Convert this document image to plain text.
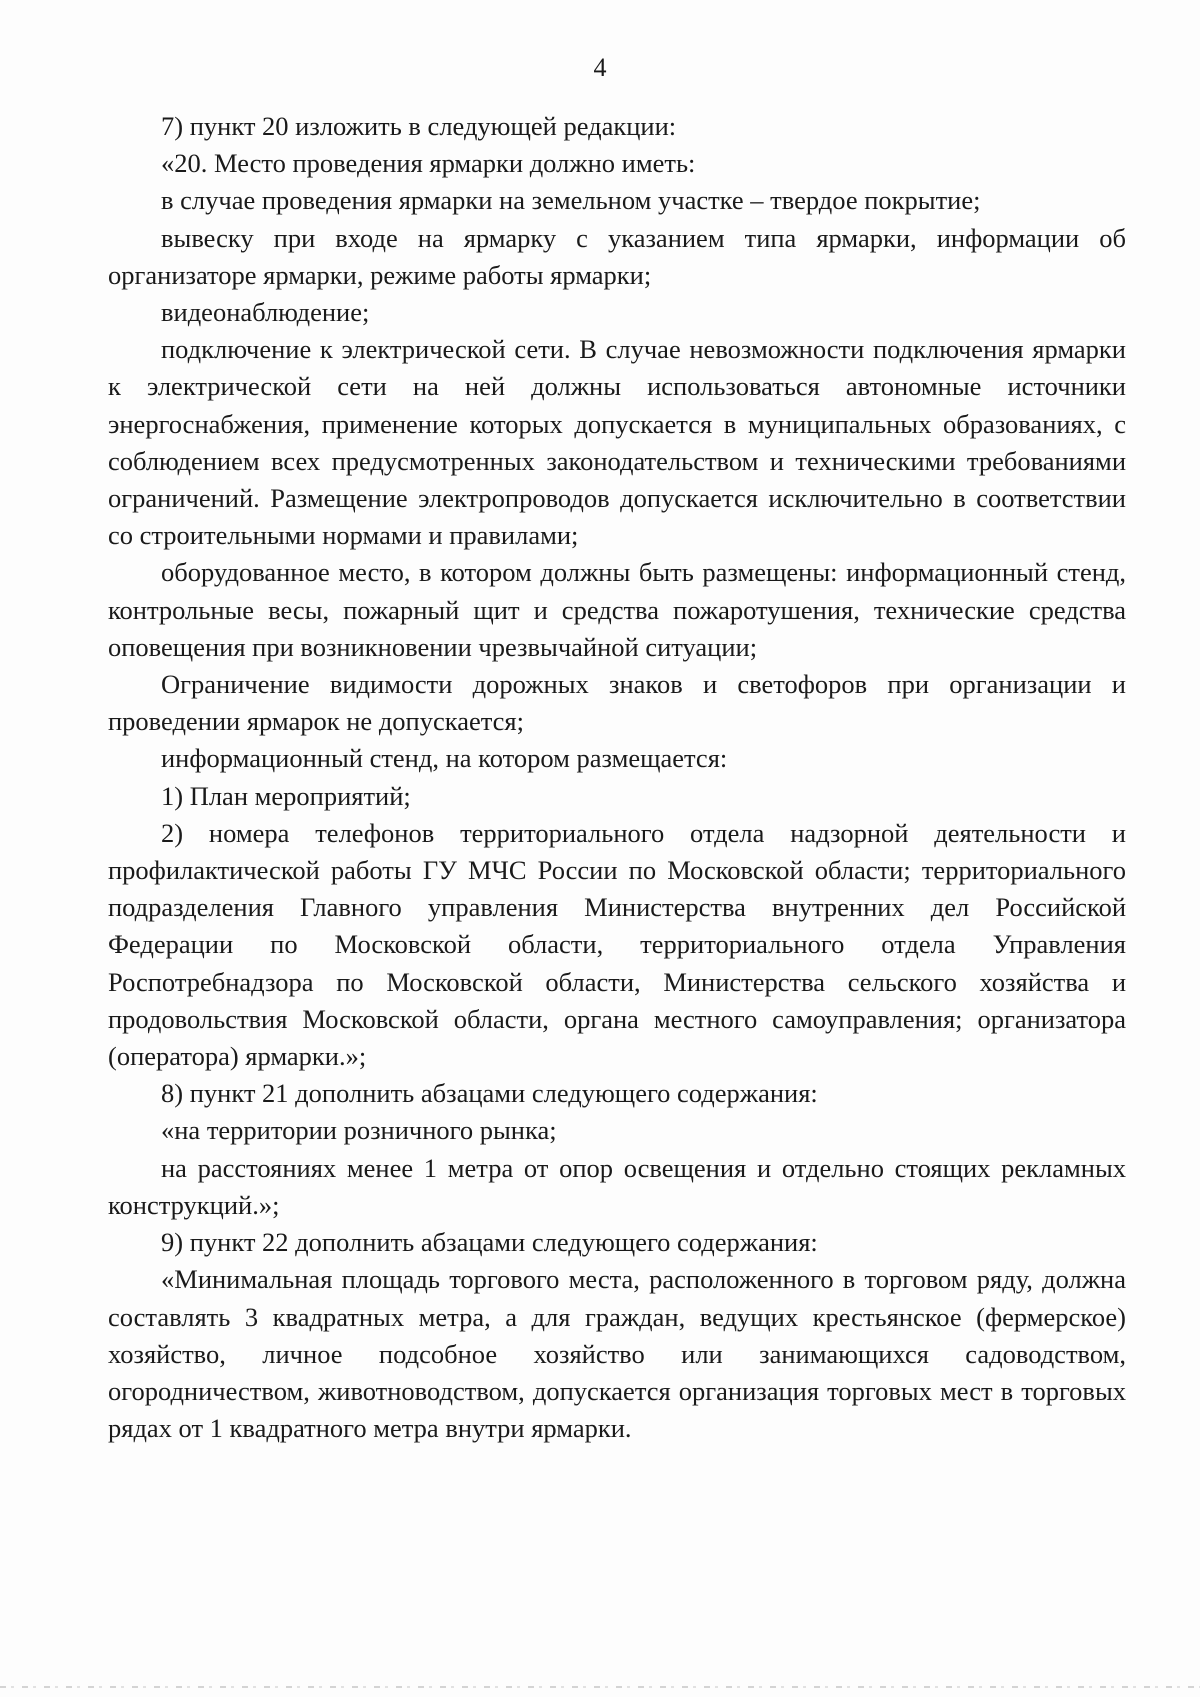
4

7) пункт 20 изложить в следующей редакции:

«20. Место проведения ярмарки должно иметь:

в случае проведения ярмарки на земельном участке – твердое покрытие;

вывеску при входе на ярмарку с указанием типа ярмарки, информации об организаторе ярмарки, режиме работы ярмарки;

видеонаблюдение;

подключение к электрической сети. В случае невозможности подключения ярмарки к электрической сети на ней должны использоваться автономные источники энергоснабжения, применение которых допускается в муниципальных образованиях, с соблюдением всех предусмотренных законодательством и техническими требованиями ограничений. Размещение электропроводов допускается исключительно в соответствии со строительными нормами и правилами;

оборудованное место, в котором должны быть размещены: информационный стенд, контрольные весы, пожарный щит и средства пожаротушения, технические средства оповещения при возникновении чрезвычайной ситуации;

Ограничение видимости дорожных знаков и светофоров при организации и проведении ярмарок не допускается;

информационный стенд, на котором размещается:

1) План мероприятий;

2) номера телефонов территориального отдела надзорной деятельности и профилактической работы ГУ МЧС России по Московской области; территориального подразделения Главного управления Министерства внутренних дел Российской Федерации по Московской области, территориального отдела Управления Роспотребнадзора по Московской области, Министерства сельского хозяйства и продовольствия Московской области, органа местного самоуправления; организатора (оператора) ярмарки.»;

8) пункт 21 дополнить абзацами следующего содержания:

«на территории розничного рынка;

на расстояниях менее 1 метра от опор освещения и отдельно стоящих рекламных конструкций.»;

9) пункт 22 дополнить абзацами следующего содержания:

«Минимальная площадь торгового места, расположенного в торговом ряду, должна составлять 3 квадратных метра, а для граждан, ведущих крестьянское (фермерское) хозяйство, личное подсобное хозяйство или занимающихся садоводством, огородничеством, животноводством, допускается организация торговых мест в торговых рядах от 1 квадратного метра внутри ярмарки.
